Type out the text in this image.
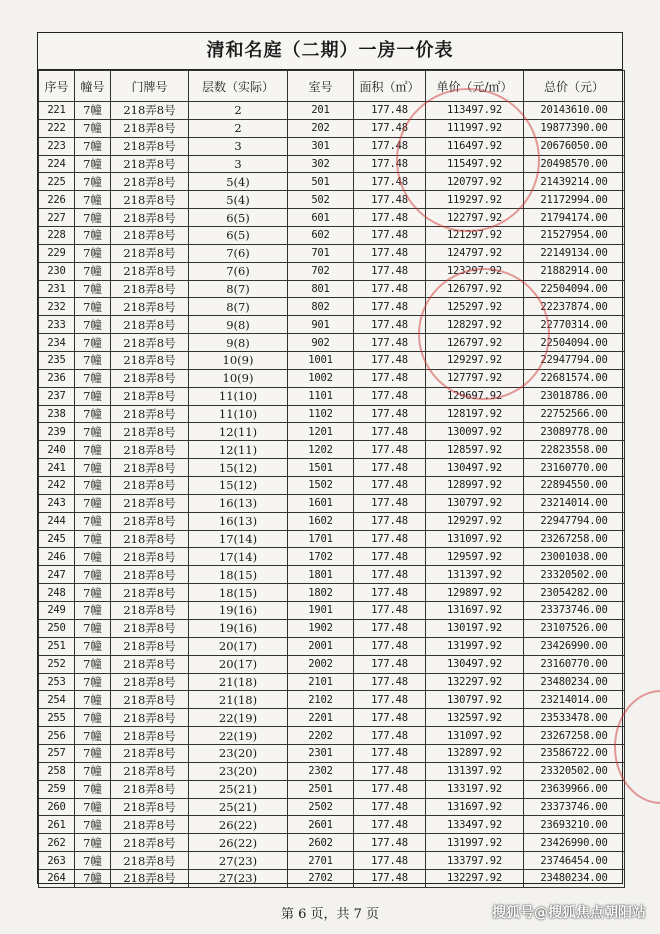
清和名庭（二期）一房一价表
序号	幢号	门牌号	层数（实际）	室号	面积（㎡）	单价（元/㎡）	总价（元）
221	7幢	218弄8号	2	201	177.48	113497.92	20143610.00
222	7幢	218弄8号	2	202	177.48	111997.92	19877390.00
223	7幢	218弄8号	3	301	177.48	116497.92	20676050.00
224	7幢	218弄8号	3	302	177.48	115497.92	20498570.00
225	7幢	218弄8号	5(4)	501	177.48	120797.92	21439214.00
226	7幢	218弄8号	5(4)	502	177.48	119297.92	21172994.00
227	7幢	218弄8号	6(5)	601	177.48	122797.92	21794174.00
228	7幢	218弄8号	6(5)	602	177.48	121297.92	21527954.00
229	7幢	218弄8号	7(6)	701	177.48	124797.92	22149134.00
230	7幢	218弄8号	7(6)	702	177.48	123297.92	21882914.00
231	7幢	218弄8号	8(7)	801	177.48	126797.92	22504094.00
232	7幢	218弄8号	8(7)	802	177.48	125297.92	22237874.00
233	7幢	218弄8号	9(8)	901	177.48	128297.92	22770314.00
234	7幢	218弄8号	9(8)	902	177.48	126797.92	22504094.00
235	7幢	218弄8号	10(9)	1001	177.48	129297.92	22947794.00
236	7幢	218弄8号	10(9)	1002	177.48	127797.92	22681574.00
237	7幢	218弄8号	11(10)	1101	177.48	129697.92	23018786.00
238	7幢	218弄8号	11(10)	1102	177.48	128197.92	22752566.00
239	7幢	218弄8号	12(11)	1201	177.48	130097.92	23089778.00
240	7幢	218弄8号	12(11)	1202	177.48	128597.92	22823558.00
241	7幢	218弄8号	15(12)	1501	177.48	130497.92	23160770.00
242	7幢	218弄8号	15(12)	1502	177.48	128997.92	22894550.00
243	7幢	218弄8号	16(13)	1601	177.48	130797.92	23214014.00
244	7幢	218弄8号	16(13)	1602	177.48	129297.92	22947794.00
245	7幢	218弄8号	17(14)	1701	177.48	131097.92	23267258.00
246	7幢	218弄8号	17(14)	1702	177.48	129597.92	23001038.00
247	7幢	218弄8号	18(15)	1801	177.48	131397.92	23320502.00
248	7幢	218弄8号	18(15)	1802	177.48	129897.92	23054282.00
249	7幢	218弄8号	19(16)	1901	177.48	131697.92	23373746.00
250	7幢	218弄8号	19(16)	1902	177.48	130197.92	23107526.00
251	7幢	218弄8号	20(17)	2001	177.48	131997.92	23426990.00
252	7幢	218弄8号	20(17)	2002	177.48	130497.92	23160770.00
253	7幢	218弄8号	21(18)	2101	177.48	132297.92	23480234.00
254	7幢	218弄8号	21(18)	2102	177.48	130797.92	23214014.00
255	7幢	218弄8号	22(19)	2201	177.48	132597.92	23533478.00
256	7幢	218弄8号	22(19)	2202	177.48	131097.92	23267258.00
257	7幢	218弄8号	23(20)	2301	177.48	132897.92	23586722.00
258	7幢	218弄8号	23(20)	2302	177.48	131397.92	23320502.00
259	7幢	218弄8号	25(21)	2501	177.48	133197.92	23639966.00
260	7幢	218弄8号	25(21)	2502	177.48	131697.92	23373746.00
261	7幢	218弄8号	26(22)	2601	177.48	133497.92	23693210.00
262	7幢	218弄8号	26(22)	2602	177.48	131997.92	23426990.00
263	7幢	218弄8号	27(23)	2701	177.48	133797.92	23746454.00
264	7幢	218弄8号	27(23)	2702	177.48	132297.92	23480234.00
第 6 页，共 7 页	搜狐号@搜狐焦点朝阳站
